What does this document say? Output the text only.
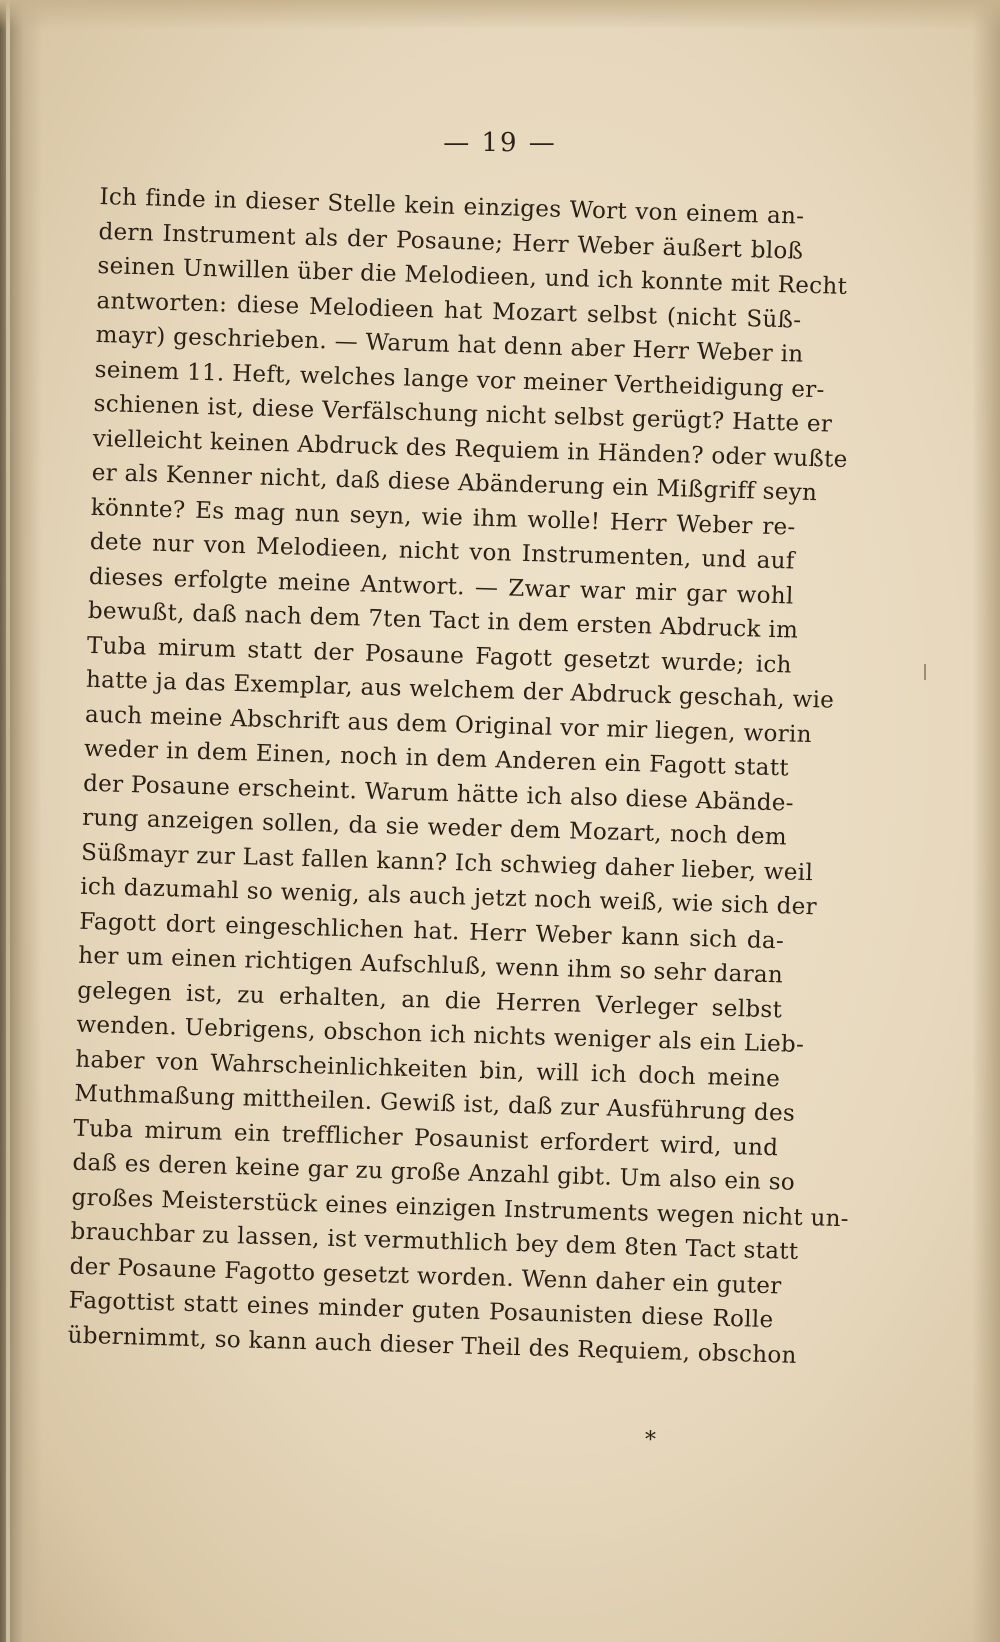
— 19 —
Ich finde in dieser Stelle kein einziges Wort von einem an-
dern Instrument als der Posaune; Herr Weber äußert bloß
seinen Unwillen über die Melodieen, und ich konnte mit Recht
antworten: diese Melodieen hat Mozart selbst (nicht Süß-
mayr) geschrieben. — Warum hat denn aber Herr Weber in
seinem 11. Heft, welches lange vor meiner Vertheidigung er-
schienen ist, diese Verfälschung nicht selbst gerügt? Hatte er
vielleicht keinen Abdruck des Requiem in Händen? oder wußte
er als Kenner nicht, daß diese Abänderung ein Mißgriff seyn
könnte? Es mag nun seyn, wie ihm wolle! Herr Weber re-
dete nur von Melodieen, nicht von Instrumenten, und auf
dieses erfolgte meine Antwort. — Zwar war mir gar wohl
bewußt, daß nach dem 7ten Tact in dem ersten Abdruck im
Tuba mirum statt der Posaune Fagott gesetzt wurde; ich
hatte ja das Exemplar, aus welchem der Abdruck geschah, wie
auch meine Abschrift aus dem Original vor mir liegen, worin
weder in dem Einen, noch in dem Anderen ein Fagott statt
der Posaune erscheint. Warum hätte ich also diese Abände-
rung anzeigen sollen, da sie weder dem Mozart, noch dem
Süßmayr zur Last fallen kann? Ich schwieg daher lieber, weil
ich dazumahl so wenig, als auch jetzt noch weiß, wie sich der
Fagott dort eingeschlichen hat. Herr Weber kann sich da-
her um einen richtigen Aufschluß, wenn ihm so sehr daran
gelegen ist, zu erhalten, an die Herren Verleger selbst
wenden. Uebrigens, obschon ich nichts weniger als ein Lieb-
haber von Wahrscheinlichkeiten bin, will ich doch meine
Muthmaßung mittheilen. Gewiß ist, daß zur Ausführung des
Tuba mirum ein trefflicher Posaunist erfordert wird, und
daß es deren keine gar zu große Anzahl gibt. Um also ein so
großes Meisterstück eines einzigen Instruments wegen nicht un-
brauchbar zu lassen, ist vermuthlich bey dem 8ten Tact statt
der Posaune Fagotto gesetzt worden. Wenn daher ein guter
Fagottist statt eines minder guten Posaunisten diese Rolle
übernimmt, so kann auch dieser Theil des Requiem, obschon
*
